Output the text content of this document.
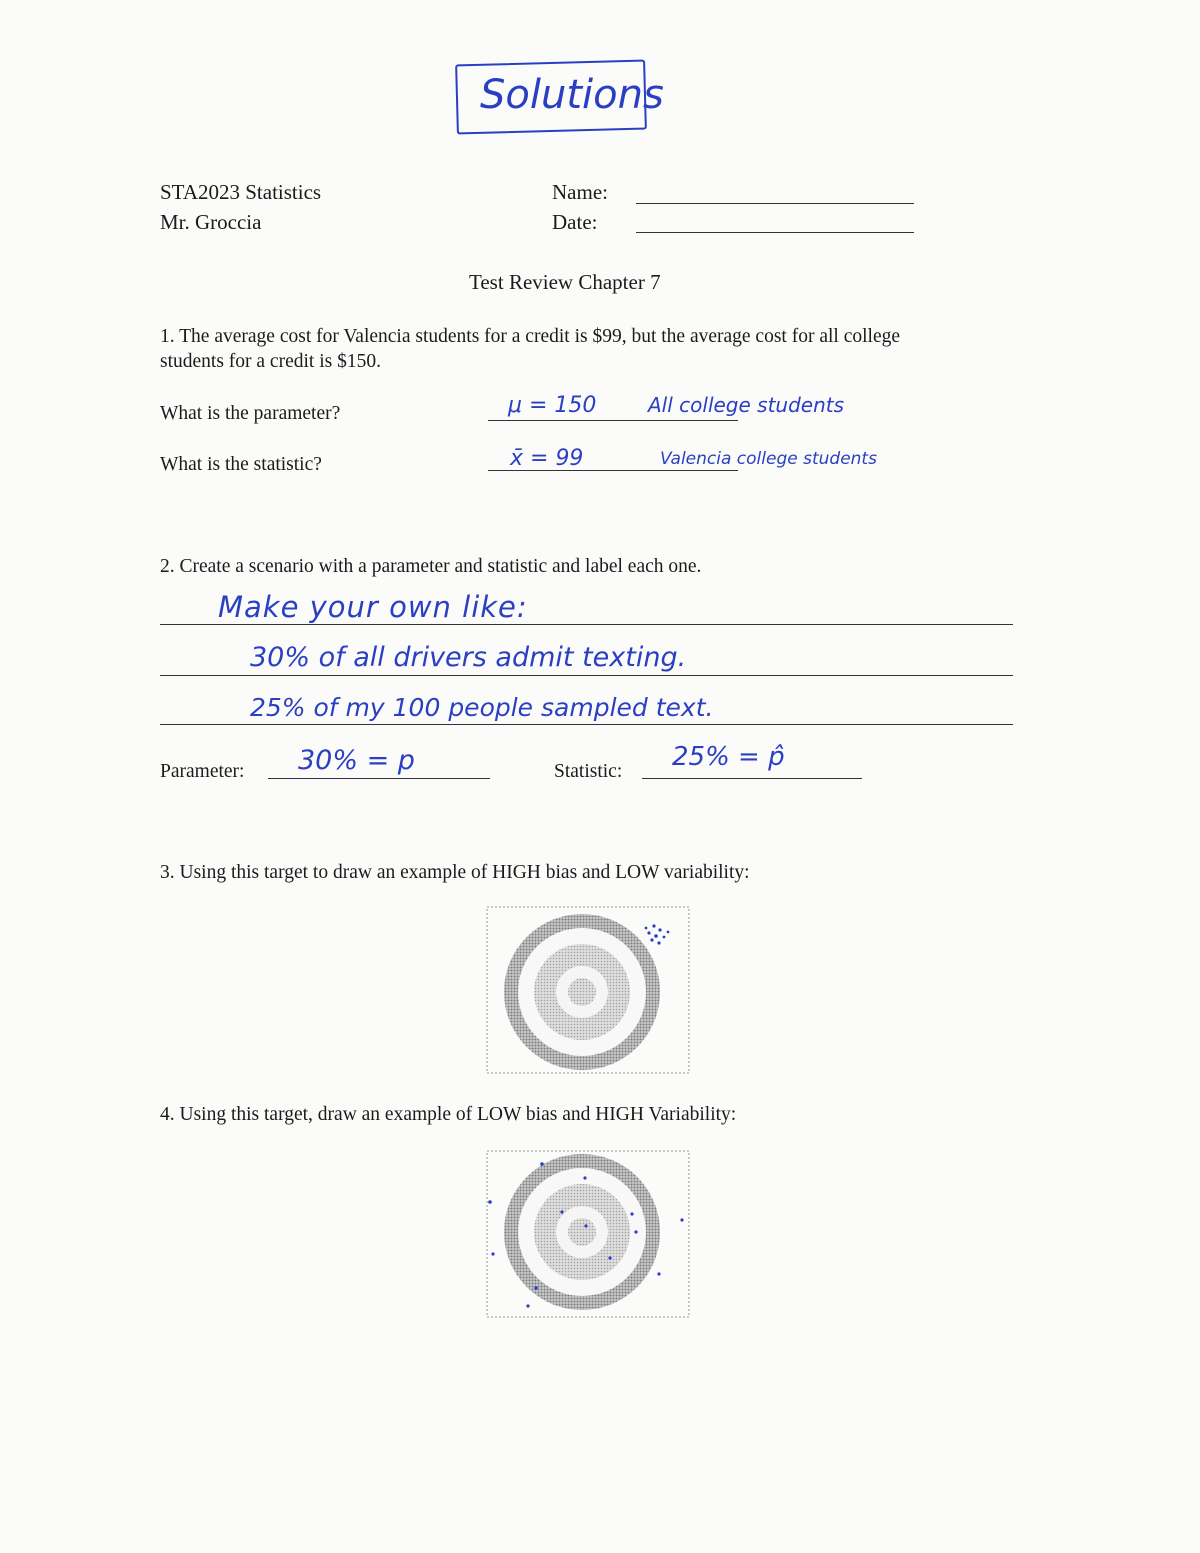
Solutions
STA2023 Statistics
Mr. Groccia
Name:
Date:
Test Review Chapter 7
1. The average cost for Valencia students for a credit is $99, but the average cost for all college
students for a credit is $150.
What is the parameter?	μ = 150	All college students
What is the statistic?	x̄ = 99	Valencia college students
2. Create a scenario with a parameter and statistic and label each one.
Make your own like:
30% of all drivers admit texting.
25% of my 100 people sampled text.
Parameter: 30% = p	Statistic: 25% = p̂
3. Using this target to draw an example of HIGH bias and LOW variability:
4. Using this target, draw an example of LOW bias and HIGH Variability:
